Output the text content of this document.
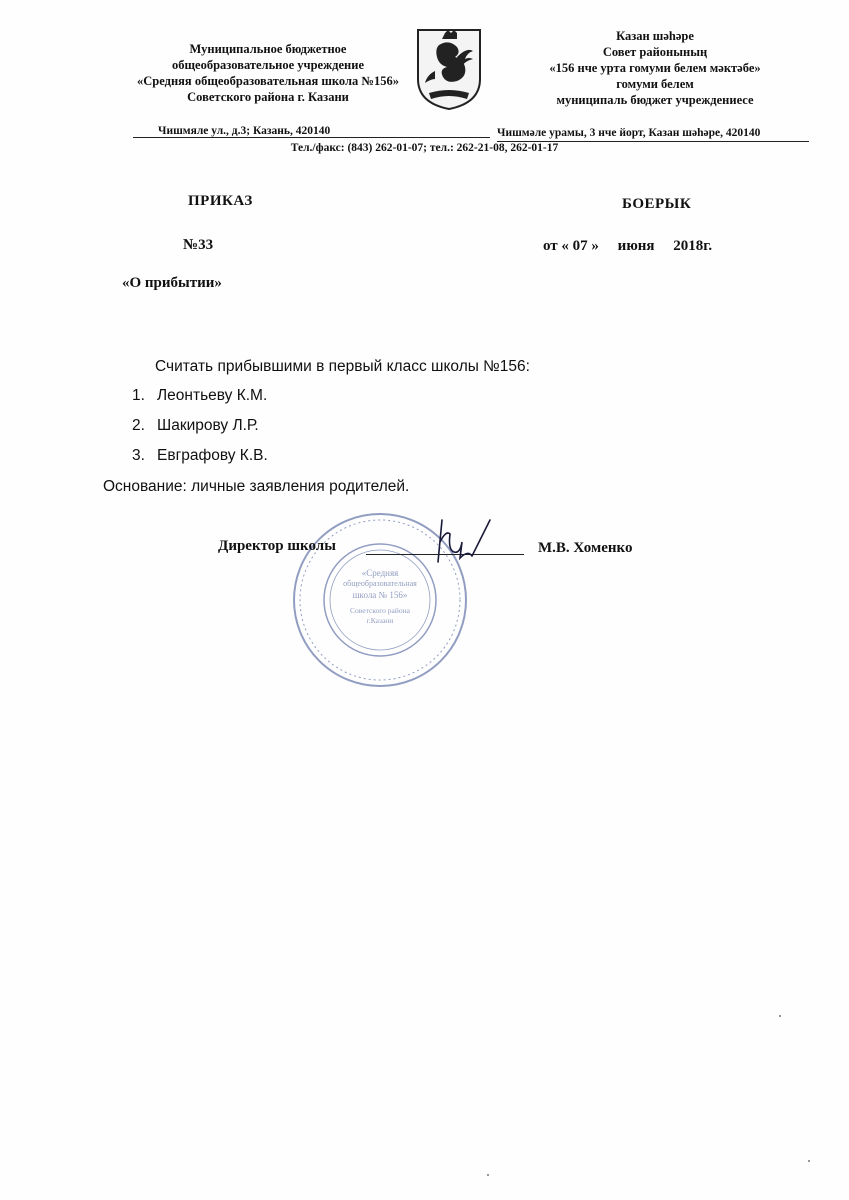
Муниципальное бюджетное
общеобразовательное учреждение
«Средняя общеобразовательная школа №156»
Советского района г. Казани
Казан шәһәре
Совет районының
«156 нче урта гомуми белем мәктәбе»
гомуми белем
муниципаль бюджет учреждениесе
Чишмяле ул., д.3; Казань, 420140	Чишмәле урамы, 3 нче йорт, Казан шәһәре, 420140
Тел./факс: (843) 262-01-07; тел.: 262-21-08, 262-01-17
ПРИКАЗ	БОЕРЫК
№33	от « 07 »     июня     2018г.
«О прибытии»
Считать прибывшими в первый класс школы №156:
1. Леонтьеву К.М.
2. Шакирову Л.Р.
3. Евграфову К.В.
Основание: личные заявления родителей.
«Средняя
общеобразовательная
школа № 156»
Советского района
г.Казани
Директор школы	М.В. Хоменко
